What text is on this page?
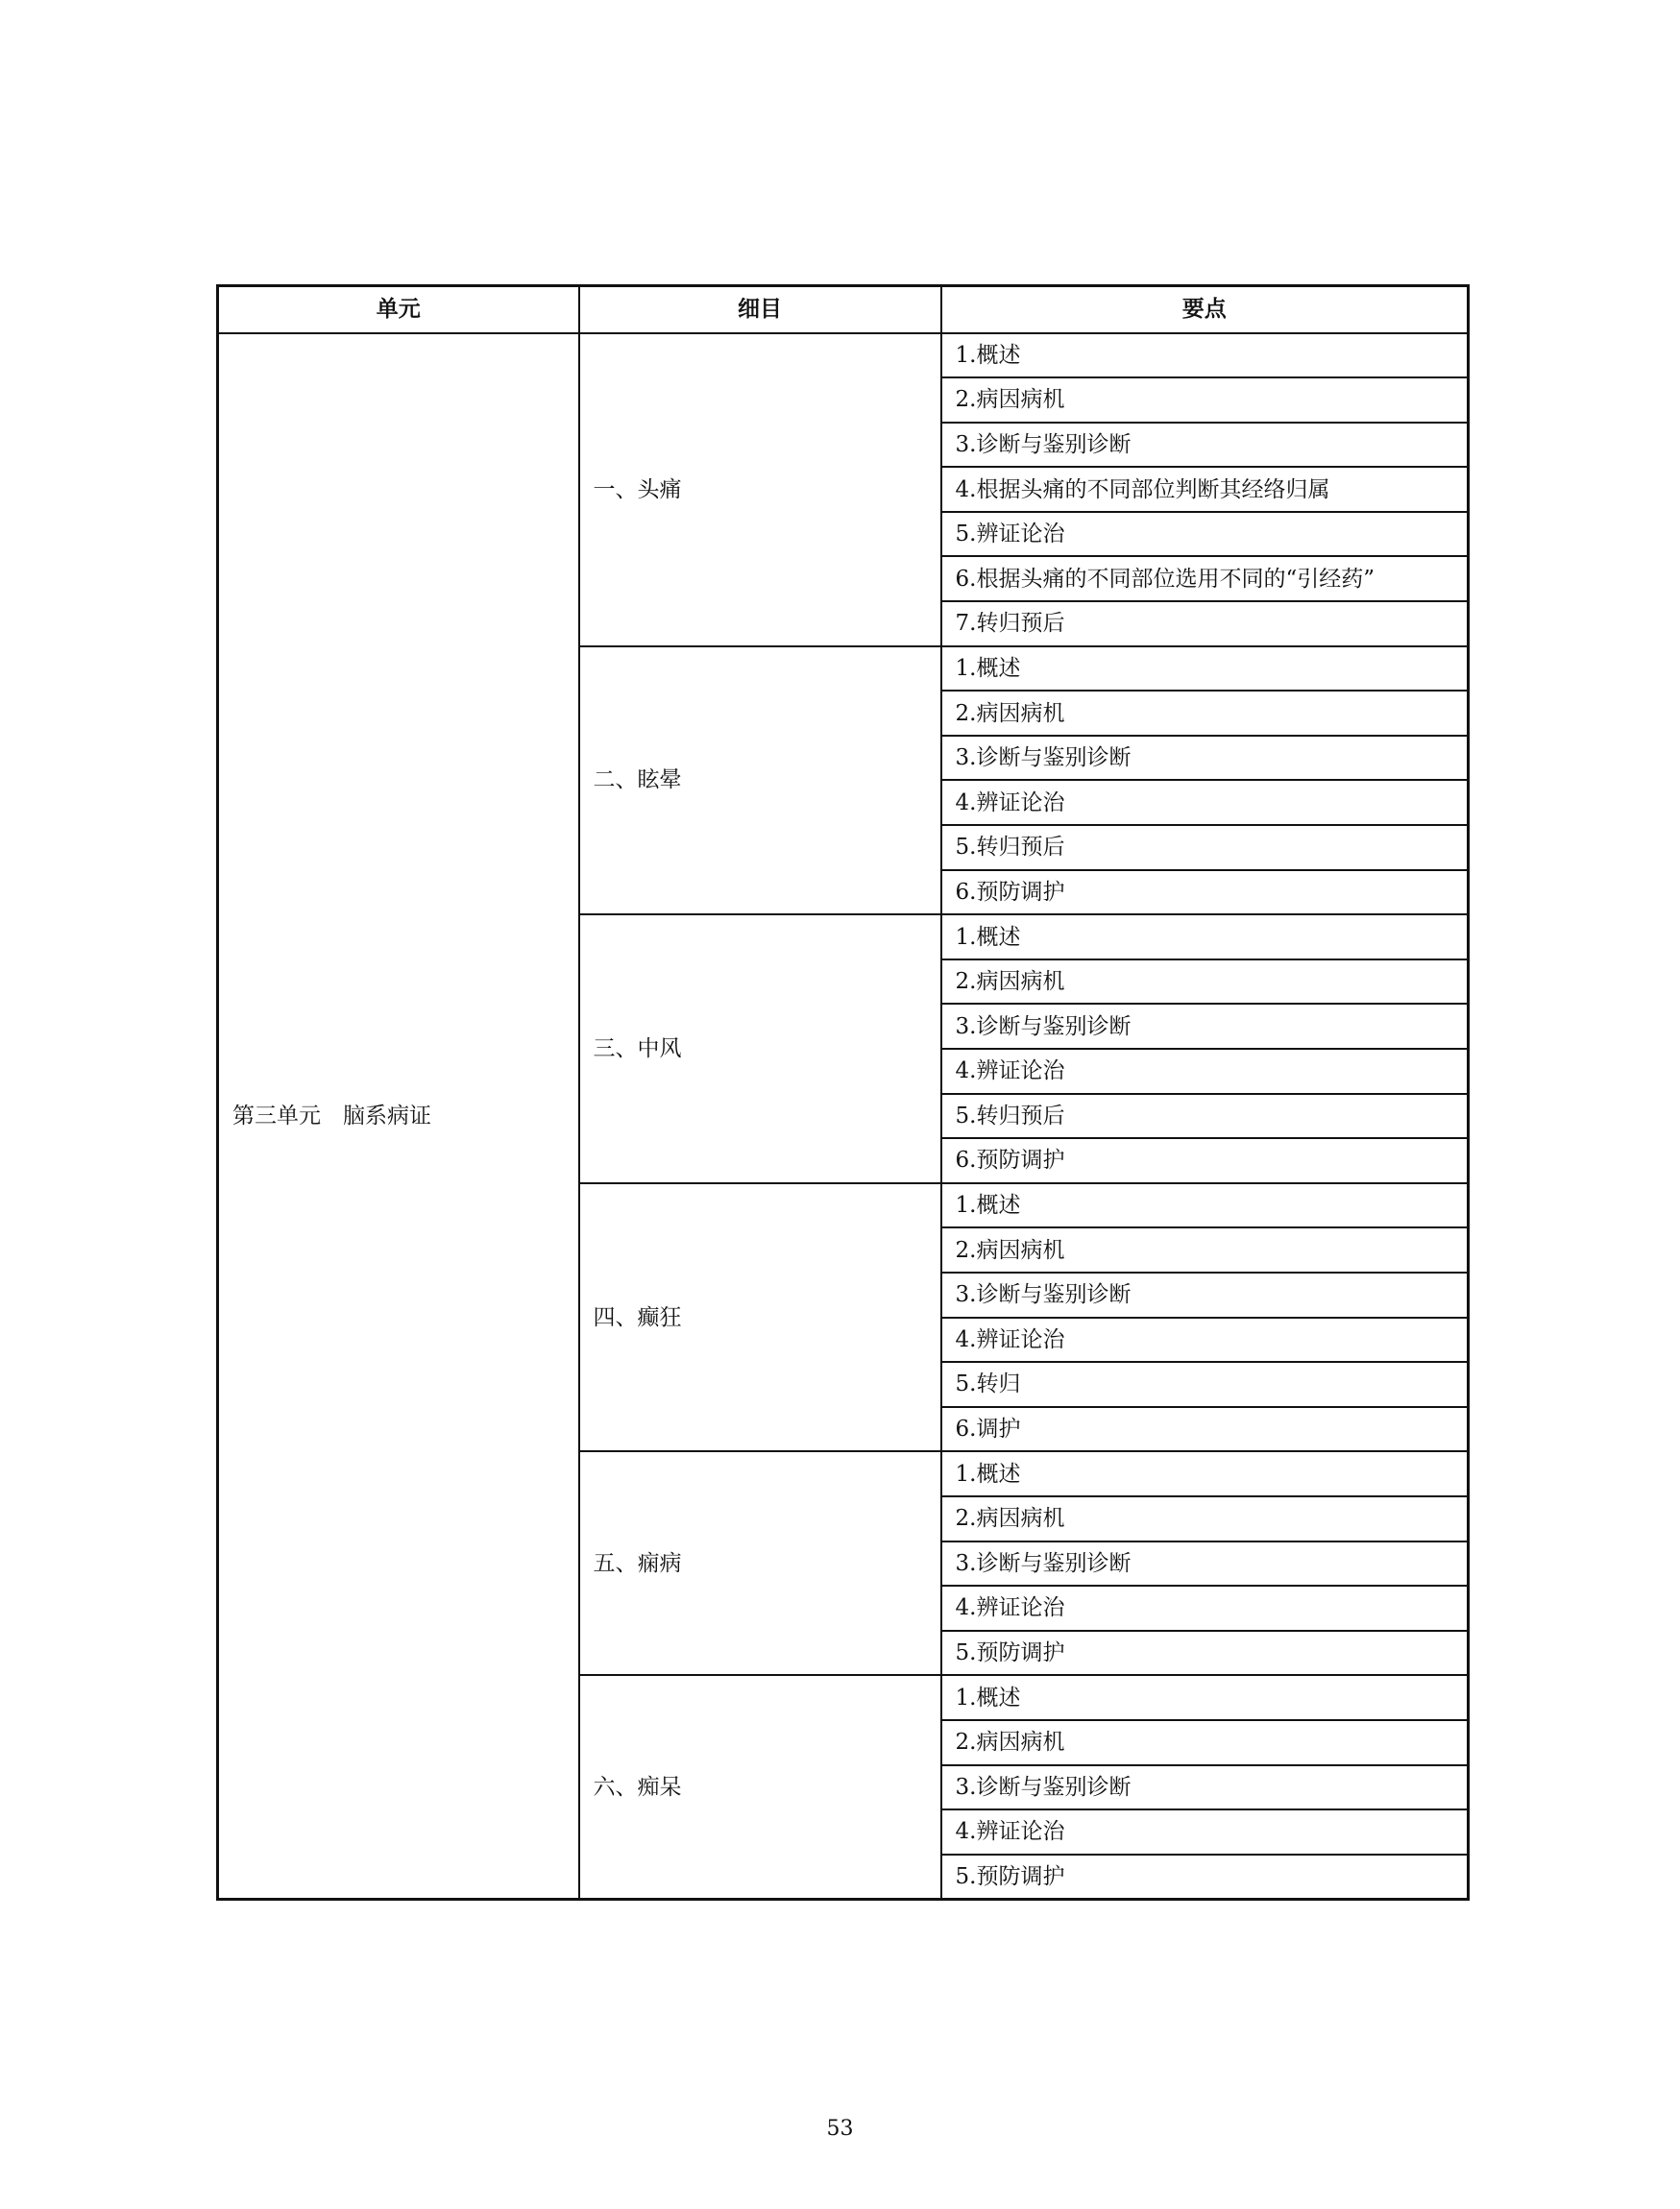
单元	细目	要点
第三单元　脑系病证	一、头痛	1.概述
		2.病因病机
		3.诊断与鉴别诊断
		4.根据头痛的不同部位判断其经络归属
		5.辨证论治
		6.根据头痛的不同部位选用不同的“引经药”
		7.转归预后
	二、眩晕	1.概述
		2.病因病机
		3.诊断与鉴别诊断
		4.辨证论治
		5.转归预后
		6.预防调护
	三、中风	1.概述
		2.病因病机
		3.诊断与鉴别诊断
		4.辨证论治
		5.转归预后
		6.预防调护
	四、癫狂	1.概述
		2.病因病机
		3.诊断与鉴别诊断
		4.辨证论治
		5.转归
		6.调护
	五、痫病	1.概述
		2.病因病机
		3.诊断与鉴别诊断
		4.辨证论治
		5.预防调护
	六、痴呆	1.概述
		2.病因病机
		3.诊断与鉴别诊断
		4.辨证论治
		5.预防调护
53
